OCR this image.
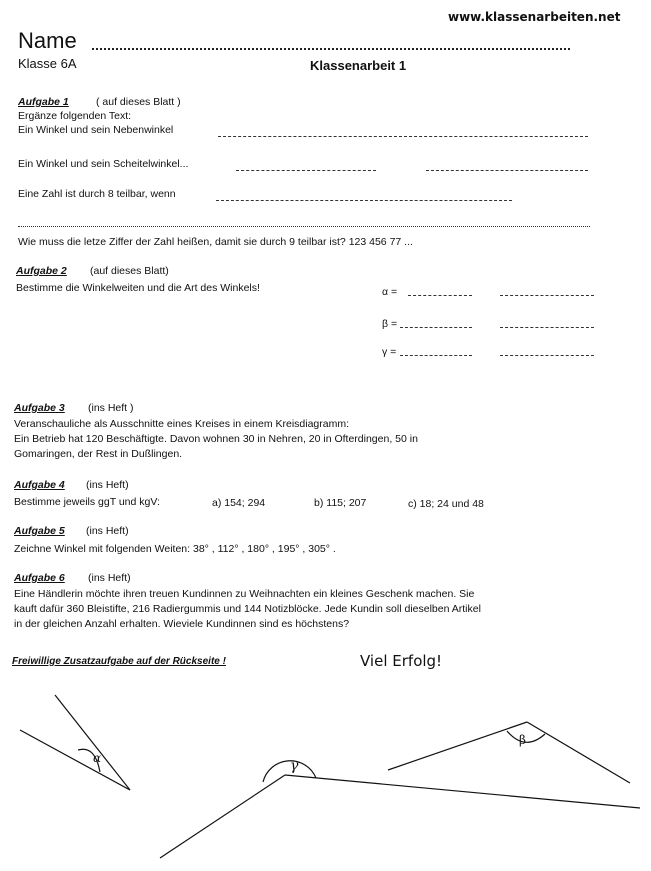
www.klassenarbeiten.net
Name
Klasse 6A	Klassenarbeit 1
Aufgabe 1	( auf dieses Blatt )
Ergänze folgenden Text:
Ein Winkel und sein Nebenwinkel
Ein Winkel und sein Scheitelwinkel...
Eine Zahl ist durch 8 teilbar, wenn
Wie muss die letze Ziffer der Zahl heißen, damit sie durch 9 teilbar ist? 123 456 77 ...
Aufgabe 2 (auf dieses Blatt)
Bestimme die Winkelweiten und die Art des Winkels!	α =
β =
γ =
Aufgabe 3 (ins Heft )
Veranschauliche als Ausschnitte eines Kreises in einem Kreisdiagramm:
Ein Betrieb hat 120 Beschäftigte. Davon wohnen 30 in Nehren, 20 in Ofterdingen, 50 in
Gomaringen, der Rest in Dußlingen.
Aufgabe 4 (ins Heft)
Bestimme jeweils ggT und kgV:	a) 154; 294	b) 115; 207	c) 18; 24 und 48
Aufgabe 5 (ins Heft)
Zeichne Winkel mit folgenden Weiten: 38° , 112° , 180° , 195° , 305° .
Aufgabe 6 (ins Heft)
Eine Händlerin möchte ihren treuen Kundinnen zu Weihnachten ein kleines Geschenk machen. Sie
kauft dafür 360 Bleistifte, 216 Radiergummis und 144 Notizblöcke. Jede Kundin soll dieselben Artikel
in der gleichen Anzahl erhalten. Wieviele Kundinnen sind es höchstens?
Freiwillige Zusatzaufgabe auf der Rückseite !	Viel Erfolg!
α	γ
β
